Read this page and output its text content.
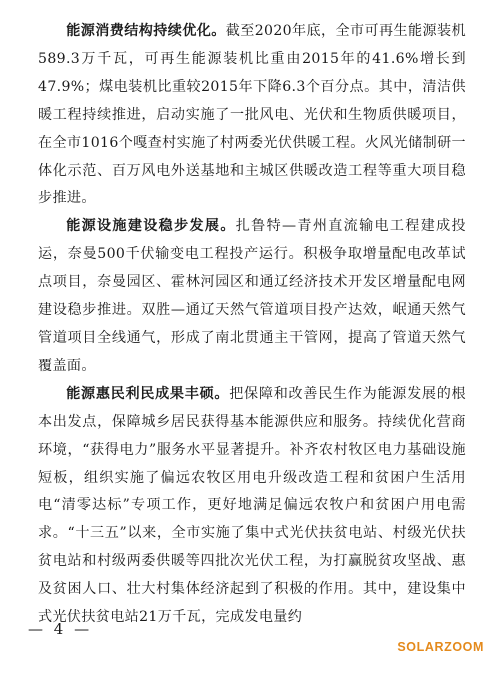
能源消费结构持续优化。截至2020年底，全市可再生能源装机589.3万千瓦，可再生能源装机比重由2015年的41.6%增长到47.9%；煤电装机比重较2015年下降6.3个百分点。其中，清洁供暖工程持续推进，启动实施了一批风电、光伏和生物质供暖项目，在全市1016个嘎查村实施了村两委光伏供暖工程。火风光储制研一体化示范、百万风电外送基地和主城区供暖改造工程等重大项目稳步推进。

能源设施建设稳步发展。扎鲁特—青州直流输电工程建成投运，奈曼500千伏输变电工程投产运行。积极争取增量配电改革试点项目，奈曼园区、霍林河园区和通辽经济技术开发区增量配电网建设稳步推进。双胜—通辽天然气管道项目投产达效，岷通天然气管道项目全线通气，形成了南北贯通主干管网，提高了管道天然气覆盖面。

能源惠民利民成果丰硕。把保障和改善民生作为能源发展的根本出发点，保障城乡居民获得基本能源供应和服务。持续优化营商环境，“获得电力”服务水平显著提升。补齐农村牧区电力基础设施短板，组织实施了偏远农牧区用电升级改造工程和贫困户生活用电“清零达标”专项工作，更好地满足偏远农牧户和贫困户用电需求。“十三五”以来，全市实施了集中式光伏扶贫电站、村级光伏扶贫电站和村级两委供暖等四批次光伏工程，为打赢脱贫攻坚战、惠及贫困人口、壮大村集体经济起到了积极的作用。其中，建设集中式光伏扶贫电站21万千瓦，完成发电量约

— 4 —
SOLARZOOM
